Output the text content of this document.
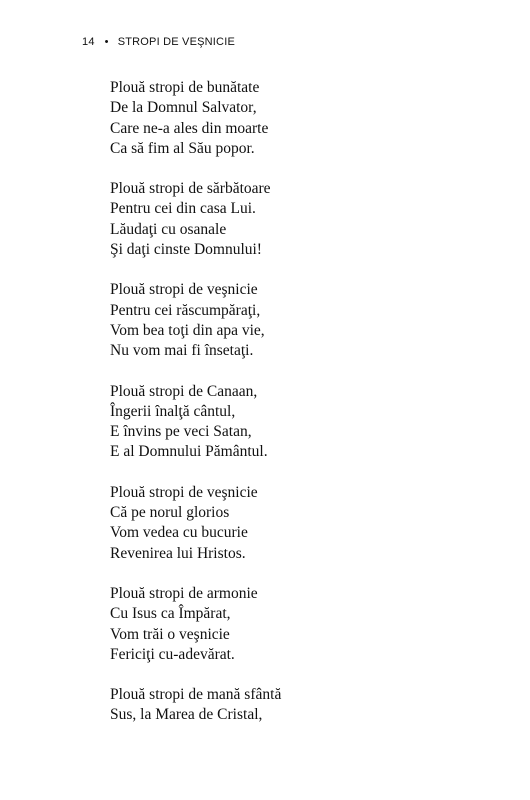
14 • STROPI DE VEŞNICIE
Plouă stropi de bunătate
De la Domnul Salvator,
Care ne-a ales din moarte
Ca să fim al Său popor.
Plouă stropi de sărbătoare
Pentru cei din casa Lui.
Lăudaţi cu osanale
Şi daţi cinste Domnului!
Plouă stropi de veşnicie
Pentru cei răscumpăraţi,
Vom bea toţi din apa vie,
Nu vom mai fi însetaţi.
Plouă stropi de Canaan,
Îngerii înalţă cântul,
E învins pe veci Satan,
E al Domnului Pământul.
Plouă stropi de veşnicie
Că pe norul glorios
Vom vedea cu bucurie
Revenirea lui Hristos.
Plouă stropi de armonie
Cu Isus ca Împărat,
Vom trăi o veşnicie
Fericiţi cu-adevărat.
Plouă stropi de mană sfântă
Sus, la Marea de Cristal,
